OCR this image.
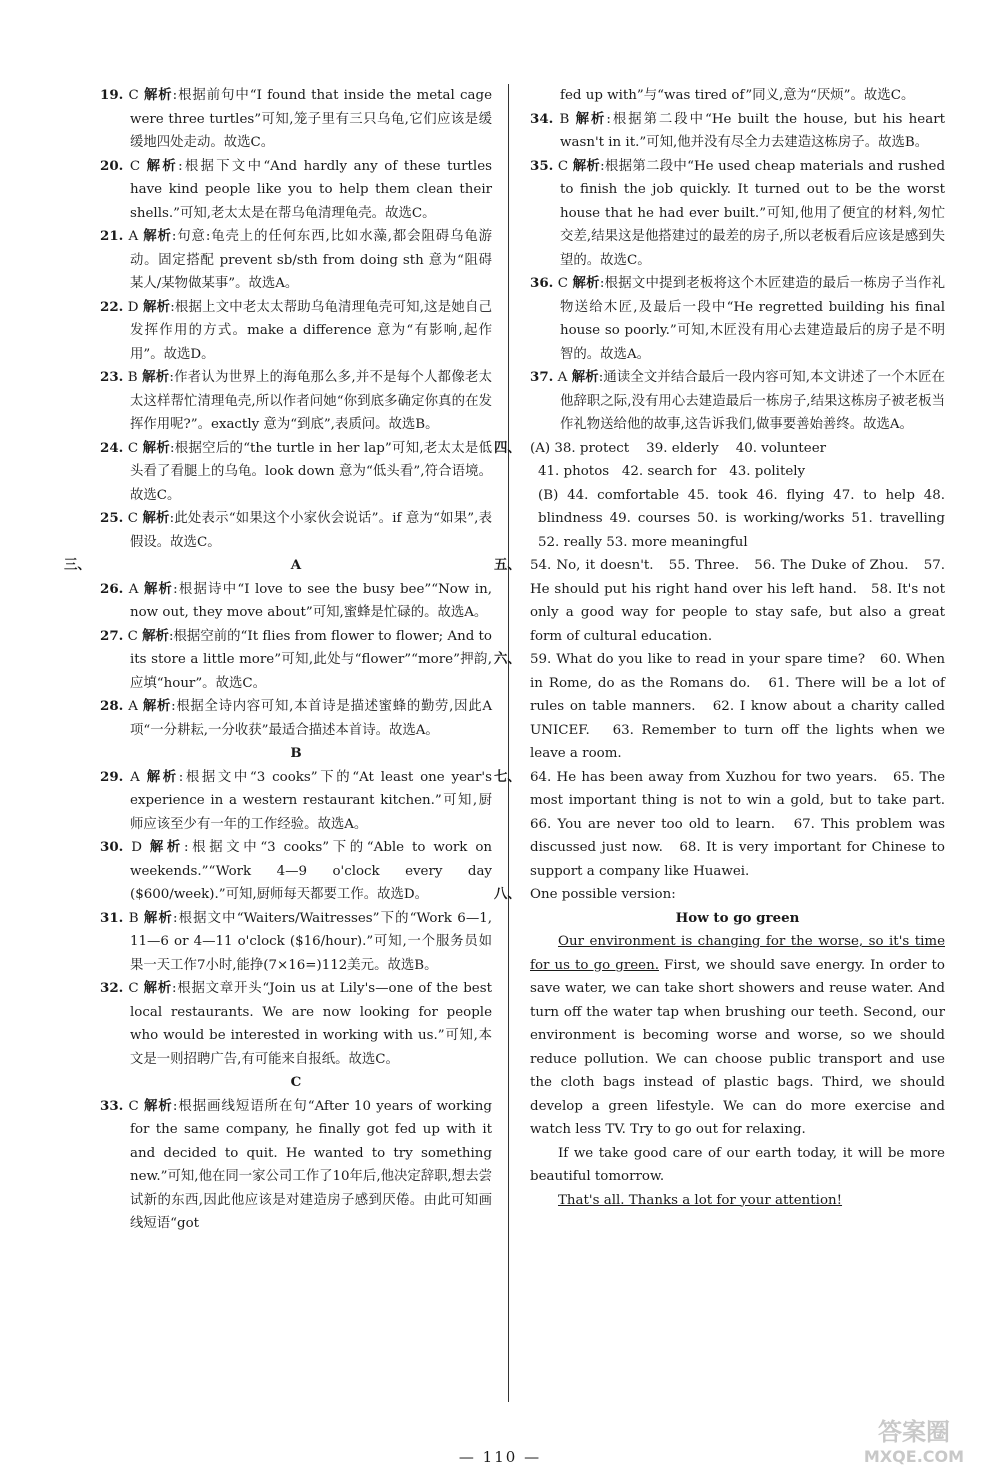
19. C 解析:根据前句中“I found that inside the metal cage were three turtles”可知,笼子里有三只乌龟,它们应该是缓缓地四处走动。故选C。

20. C 解析:根据下文中“And hardly any of these turtles have kind people like you to help them clean their shells.”可知,老太太是在帮乌龟清理龟壳。故选C。

21. A 解析:句意:龟壳上的任何东西,比如水藻,都会阻碍乌龟游动。固定搭配 prevent sb/sth from doing sth 意为“阻碍某人/某物做某事”。故选A。

22. D 解析:根据上文中老太太帮助乌龟清理龟壳可知,这是她自己发挥作用的方式。make a difference 意为“有影响,起作用”。故选D。

23. B 解析:作者认为世界上的海龟那么多,并不是每个人都像老太太这样帮忙清理龟壳,所以作者问她“你到底多确定你真的在发挥作用呢?”。exactly 意为“到底”,表质问。故选B。

24. C 解析:根据空后的“the turtle in her lap”可知,老太太是低头看了看腿上的乌龟。look down 意为“低头看”,符合语境。故选C。

25. C 解析:此处表示“如果这个小家伙会说话”。if 意为“如果”,表假设。故选C。

三、	A

26. A 解析:根据诗中“I love to see the busy bee”“Now in, now out, they move about”可知,蜜蜂是忙碌的。故选A。

27. C 解析:根据空前的“It flies from flower to flower; And to its store a little more”可知,此处与“flower”“more”押韵,应填“hour”。故选C。

28. A 解析:根据全诗内容可知,本首诗是描述蜜蜂的勤劳,因此A项“一分耕耘,一分收获”最适合描述本首诗。故选A。

B

29. A 解析:根据文中“3 cooks”下的“At least one year's experience in a western restaurant kitchen.”可知,厨师应该至少有一年的工作经验。故选A。

30. D 解析:根据文中“3 cooks”下的“Able to work on weekends.”“Work 4—9 o'clock every day ($600/week).”可知,厨师每天都要工作。故选D。

31. B 解析:根据文中“Waiters/Waitresses”下的“Work 6—1, 11—6 or 4—11 o'clock ($16/hour).”可知,一个服务员如果一天工作7小时,能挣(7×16=)112美元。故选B。

32. C 解析:根据文章开头“Join us at Lily's—one of the best local restaurants. We are now looking for people who would be interested in working with us.”可知,本文是一则招聘广告,有可能来自报纸。故选C。

C

33. C 解析:根据画线短语所在句“After 10 years of working for the same company, he finally got fed up with it and decided to quit. He wanted to try something new.”可知,他在同一家公司工作了10年后,他决定辞职,想去尝试新的东西,因此他应该是对建造房子感到厌倦。由此可知画线短语“got

fed up with”与“was tired of”同义,意为“厌烦”。故选C。

34. B 解析:根据第二段中“He built the house, but his heart wasn't in it.”可知,他并没有尽全力去建造这栋房子。故选B。

35. C 解析:根据第二段中“He used cheap materials and rushed to finish the job quickly. It turned out to be the worst house that he had ever built.”可知,他用了便宜的材料,匆忙交差,结果这是他搭建过的最差的房子,所以老板看后应该是感到失望的。故选C。

36. C 解析:根据文中提到老板将这个木匠建造的最后一栋房子当作礼物送给木匠,及最后一段中“He regretted building his final house so poorly.”可知,木匠没有用心去建造最后的房子是不明智的。故选A。

37. A 解析:通读全文并结合最后一段内容可知,本文讲述了一个木匠在他辞职之际,没有用心去建造最后一栋房子,结果这栋房子被老板当作礼物送给他的故事,这告诉我们,做事要善始善终。故选A。

四、 (A) 38. protect    39. elderly    40. volunteer

41. photos   42. search for   43. politely

(B) 44. comfortable 45. took 46. flying 47. to help 48. blindness 49. courses 50. is working/works 51. travelling 52. really 53. more meaningful

五、 54. No, it doesn't.   55. Three.   56. The Duke of Zhou.   57. He should put his right hand over his left hand.   58. It's not only a good way for people to stay safe, but also a great form of cultural education.

六、 59. What do you like to read in your spare time?   60. When in Rome, do as the Romans do.   61. There will be a lot of rules on table manners.   62. I know about a charity called UNICEF.   63. Remember to turn off the lights when we leave a room.

七、 64. He has been away from Xuzhou for two years.   65. The most important thing is not to win a gold, but to take part.   66. You are never too old to learn.   67. This problem was discussed just now.   68. It is very important for Chinese to support a company like Huawei.

八、 One possible version:

How to go green

Our environment is changing for the worse, so it's time for us to go green. First, we should save energy. In order to save water, we can take short showers and reuse water. And turn off the water tap when brushing our teeth. Second, our environment is becoming worse and worse, so we should reduce pollution. We can choose public transport and use the cloth bags instead of plastic bags. Third, we should develop a green lifestyle. We can do more exercise and watch less TV. Try to go out for relaxing.

If we take good care of our earth today, it will be more beautiful tomorrow.

That's all. Thanks a lot for your attention!

— 110 —
答案圈
MXQE.COM
